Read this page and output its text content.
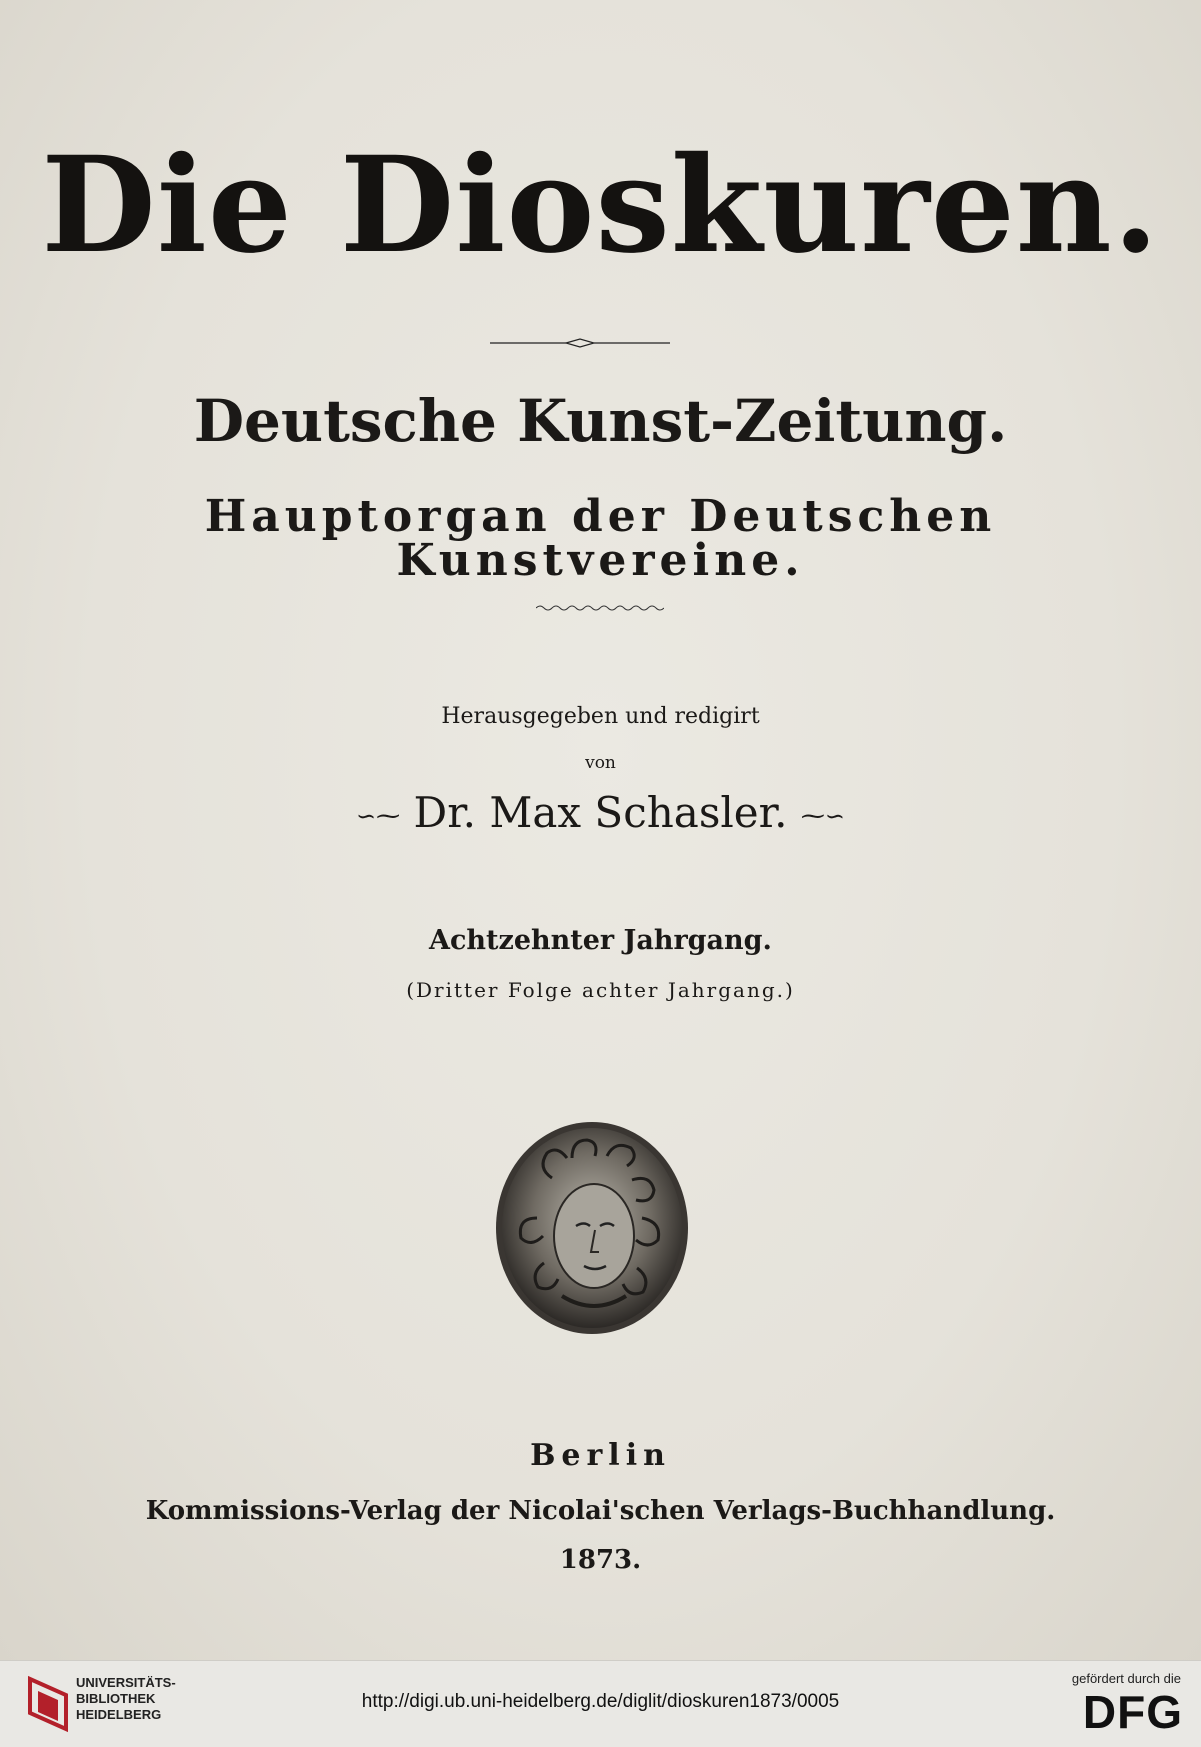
Die Dioskuren.
Deutsche Kunst-Zeitung.
Hauptorgan der Deutschen Kunstvereine.
Herausgegeben und redigirt
von
∽⁓ Dr. Max Schasler. ⁓∽
Achtzehnter Jahrgang.
(Dritter Folge achter Jahrgang.)
Berlin
Kommissions-Verlag der Nicolai'schen Verlags-Buchhandlung.
1873.
UNIVERSITÄTS-
BIBLIOTHEK
HEIDELBERG
http://digi.ub.uni-heidelberg.de/diglit/dioskuren1873/0005
gefördert durch die
DFG
